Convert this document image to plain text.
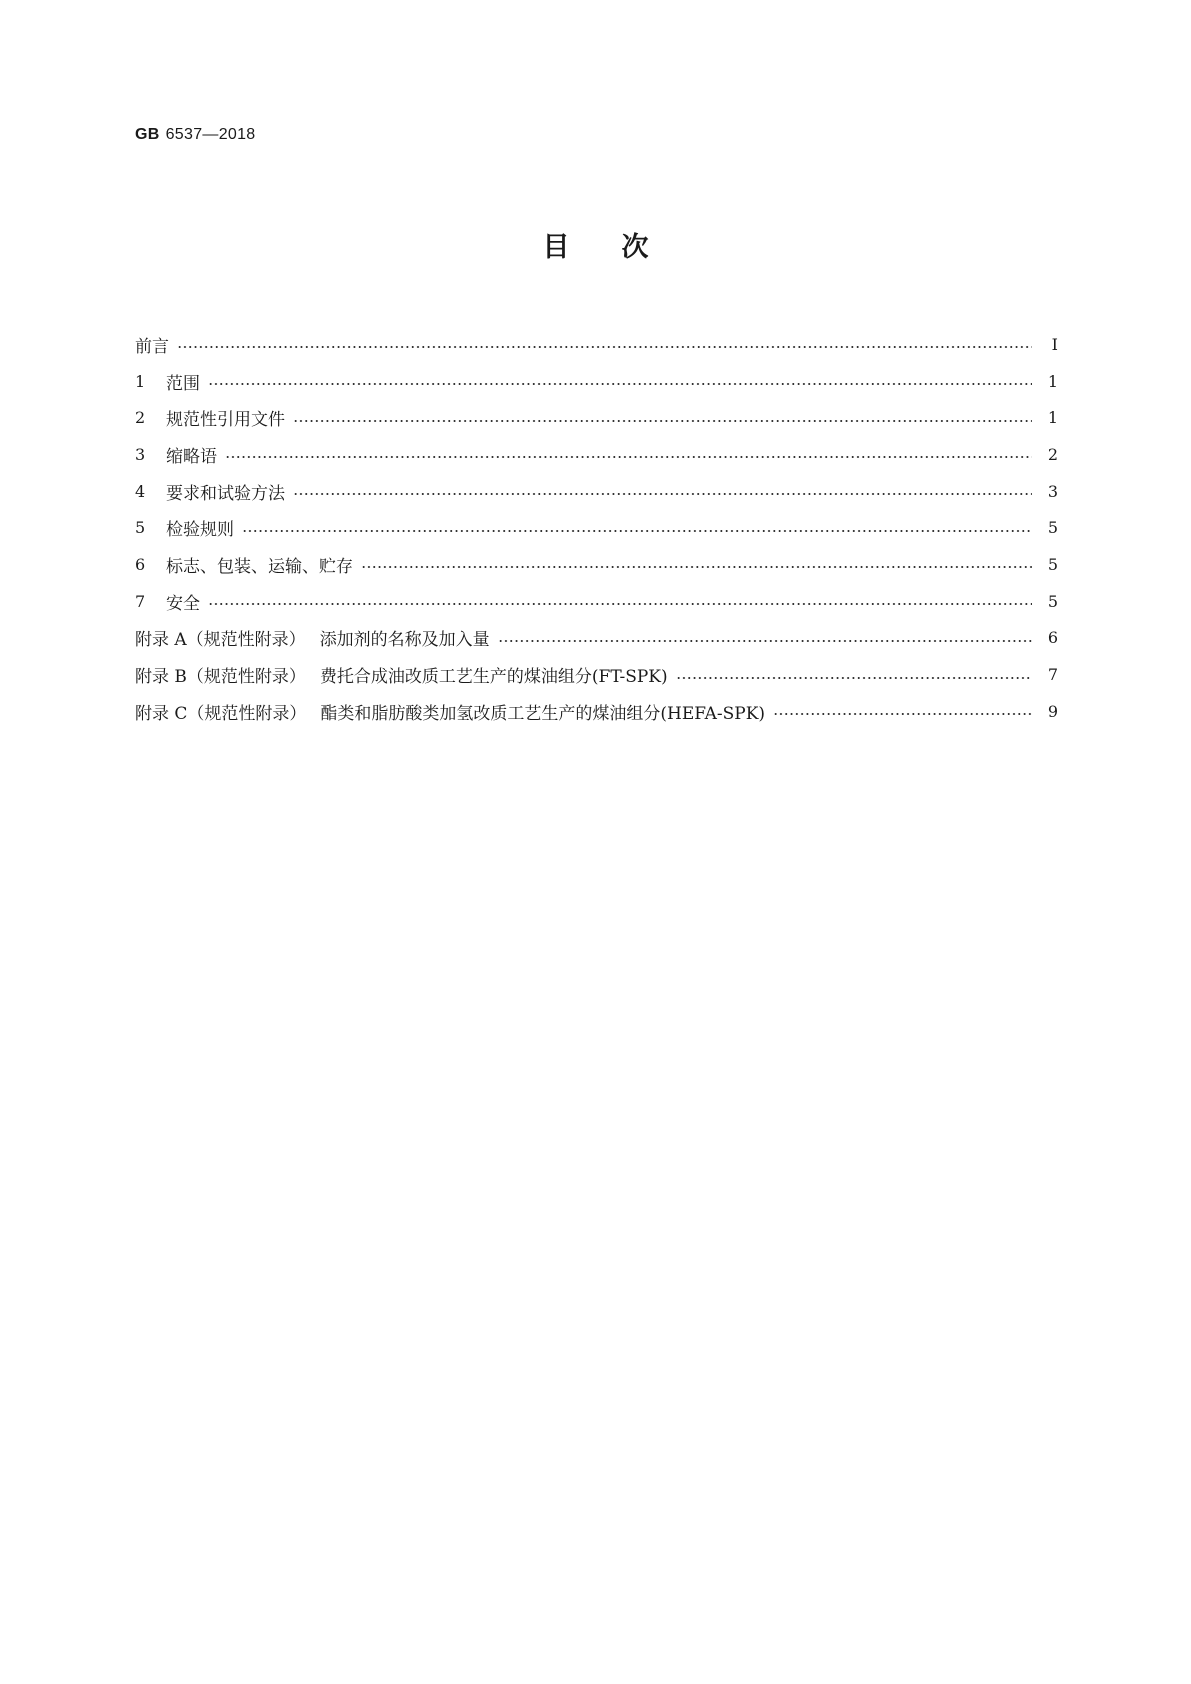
GB 6537—2018
目次
前言	Ⅰ
1	范围	1
2	规范性引用文件	1
3	缩略语	2
4	要求和试验方法	3
5	检验规则	5
6	标志、包装、运输、贮存	5
7	安全	5
附录 A（规范性附录） 添加剂的名称及加入量	6
附录 B（规范性附录） 费托合成油改质工艺生产的煤油组分(FT-SPK)	7
附录 C（规范性附录） 酯类和脂肪酸类加氢改质工艺生产的煤油组分(HEFA-SPK)	9
